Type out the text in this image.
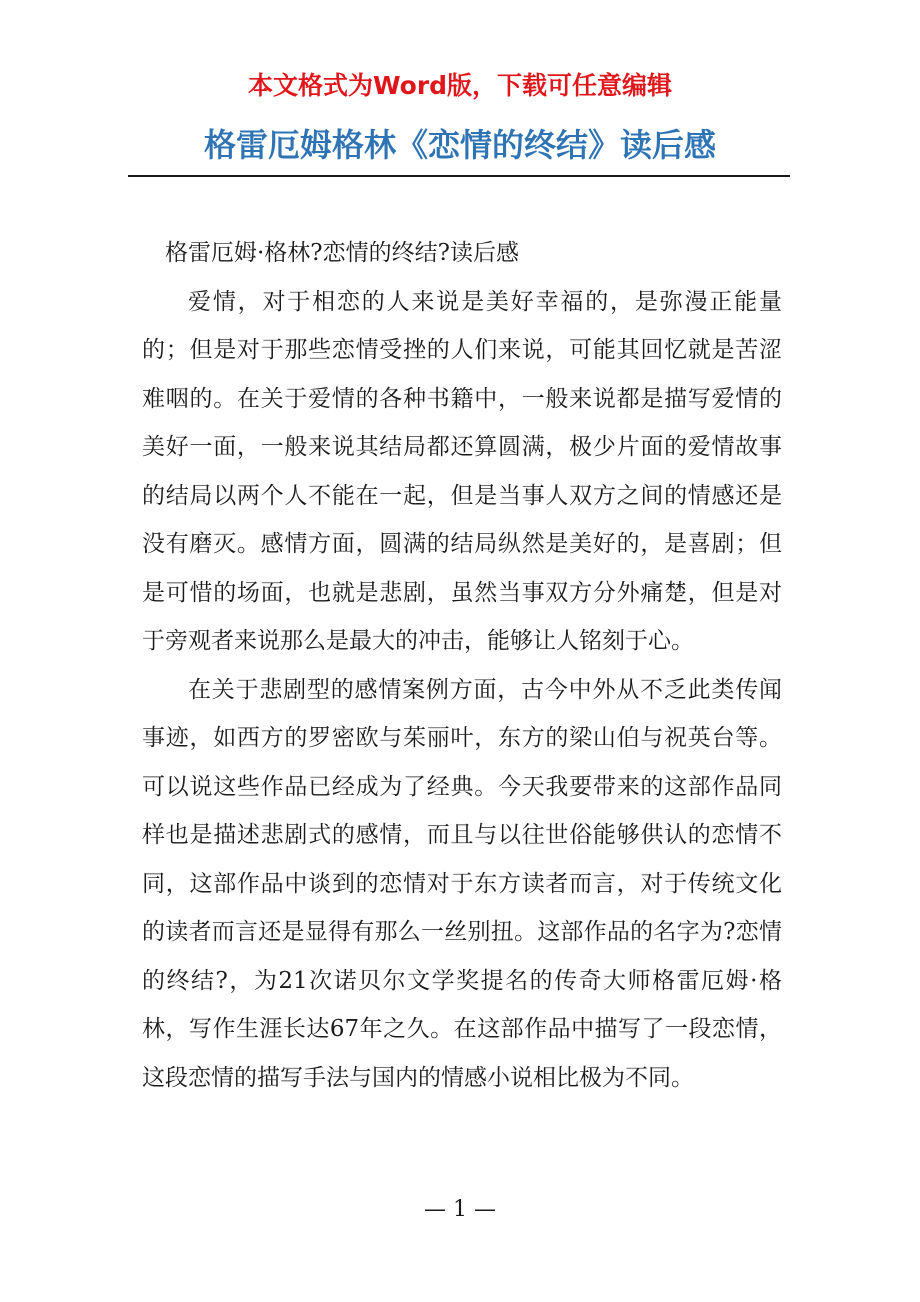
本文格式为Word版，下载可任意编辑
格雷厄姆格林《恋情的终结》读后感

格雷厄姆·格林?恋情的终结?读后感

爱情，对于相恋的人来说是美好幸福的，是弥漫正能量的；但是对于那些恋情受挫的人们来说，可能其回忆就是苦涩难咽的。在关于爱情的各种书籍中，一般来说都是描写爱情的美好一面，一般来说其结局都还算圆满，极少片面的爱情故事的结局以两个人不能在一起，但是当事人双方之间的情感还是没有磨灭。感情方面，圆满的结局纵然是美好的，是喜剧；但是可惜的场面，也就是悲剧，虽然当事双方分外痛楚，但是对于旁观者来说那么是最大的冲击，能够让人铭刻于心。

在关于悲剧型的感情案例方面，古今中外从不乏此类传闻事迹，如西方的罗密欧与茱丽叶，东方的梁山伯与祝英台等。可以说这些作品已经成为了经典。今天我要带来的这部作品同样也是描述悲剧式的感情，而且与以往世俗能够供认的恋情不同，这部作品中谈到的恋情对于东方读者而言，对于传统文化的读者而言还是显得有那么一丝别扭。这部作品的名字为?恋情的终结?，为21次诺贝尔文学奖提名的传奇大师格雷厄姆·格林，写作生涯长达67年之久。在这部作品中描写了一段恋情，这段恋情的描写手法与国内的情感小说相比极为不同。

— 1 —
